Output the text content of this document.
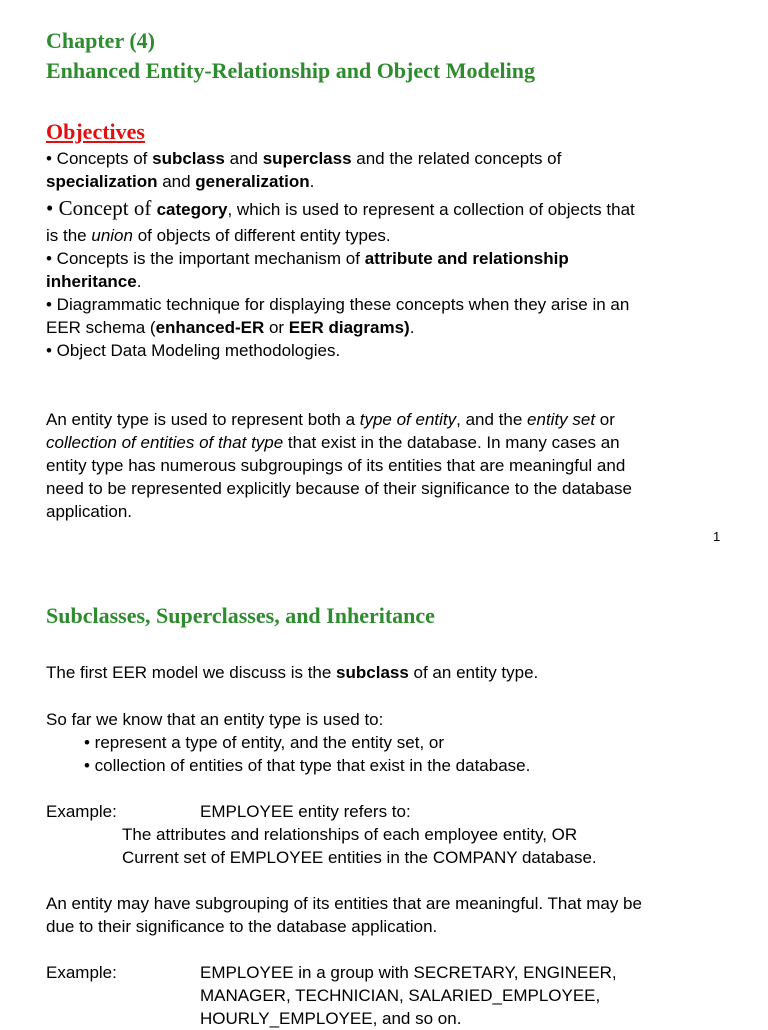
Chapter (4)
Enhanced Entity-Relationship and Object Modeling
Objectives
• Concepts of subclass and superclass and the related concepts of
specialization and generalization.
• Concept of category, which is used to represent a collection of objects that
is the union of objects of different entity types.
• Concepts is the important mechanism of attribute and relationship
inheritance.
• Diagrammatic technique for displaying these concepts when they arise in an
EER schema (enhanced-ER or EER diagrams).
• Object Data Modeling methodologies.
An entity type is used to represent both a type of entity, and the entity set or
collection of entities of that type that exist in the database. In many cases an
entity type has numerous subgroupings of its entities that are meaningful and
need to be represented explicitly because of their significance to the database
application.
1
Subclasses, Superclasses, and Inheritance
The first EER model we discuss is the subclass of an entity type.
So far we know that an entity type is used to:
• represent a type of entity, and the entity set, or
• collection of entities of that type that exist in the database.
Example:	EMPLOYEE entity refers to:
The attributes and relationships of each employee entity, OR
Current set of EMPLOYEE entities in the COMPANY database.
An entity may have subgrouping of its entities that are meaningful. That may be
due to their significance to the database application.
Example:	EMPLOYEE in a group with SECRETARY, ENGINEER,
MANAGER, TECHNICIAN, SALARIED_EMPLOYEE,
HOURLY_EMPLOYEE, and so on.
